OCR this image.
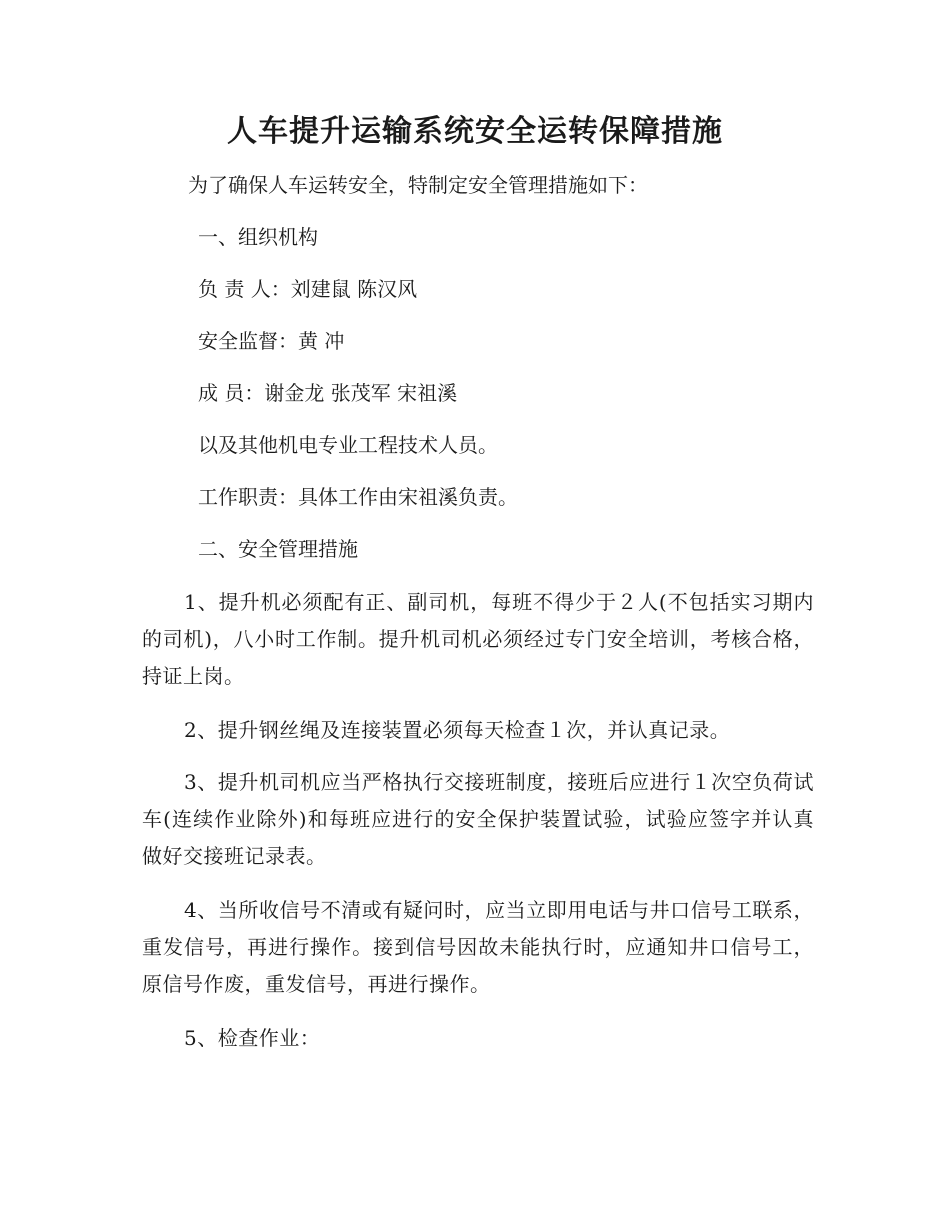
人车提升运输系统安全运转保障措施

为了确保人车运转安全，特制定安全管理措施如下：

一、组织机构

负 责 人：刘建鼠 陈汉风

安全监督：黄 冲

成 员：谢金龙 张茂军 宋祖溪

以及其他机电专业工程技术人员。

工作职责：具体工作由宋祖溪负责。

二、安全管理措施

1、提升机必须配有正、副司机，每班不得少于２人(不包括实习期内的司机)，八小时工作制。提升机司机必须经过专门安全培训，考核合格，持证上岗。

2、提升钢丝绳及连接装置必须每天检查１次，并认真记录。

3、提升机司机应当严格执行交接班制度，接班后应进行１次空负荷试车(连续作业除外)和每班应进行的安全保护装置试验，试验应签字并认真做好交接班记录表。

4、当所收信号不清或有疑问时，应当立即用电话与井口信号工联系，重发信号，再进行操作。接到信号因故未能执行时，应通知井口信号工，原信号作废，重发信号，再进行操作。

5、检查作业：
